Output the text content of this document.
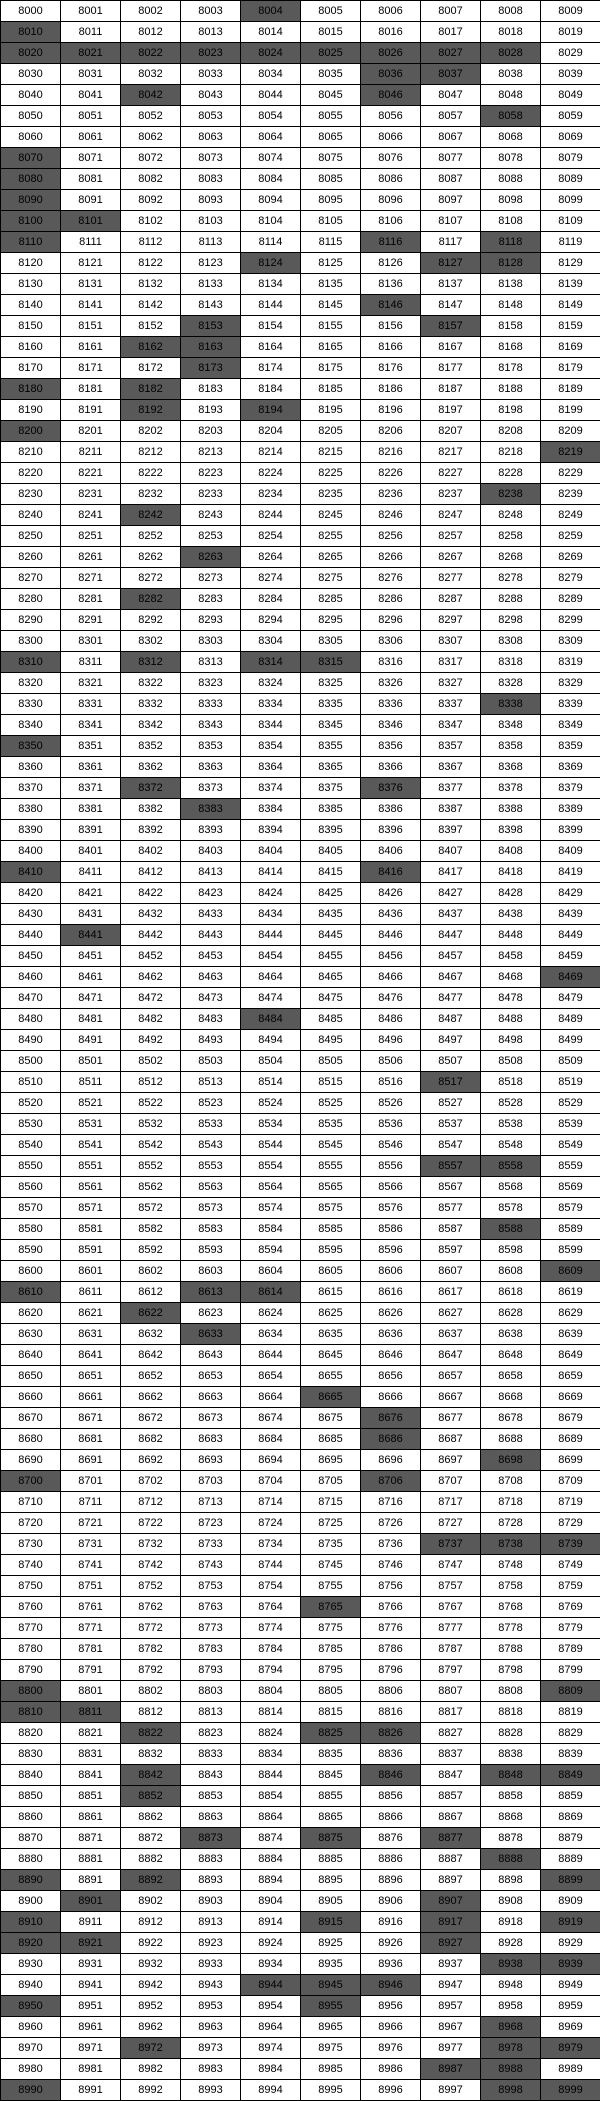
8000	8001	8002	8003	8004	8005	8006	8007	8008	8009
8010	8011	8012	8013	8014	8015	8016	8017	8018	8019
8020	8021	8022	8023	8024	8025	8026	8027	8028	8029
8030	8031	8032	8033	8034	8035	8036	8037	8038	8039
8040	8041	8042	8043	8044	8045	8046	8047	8048	8049
8050	8051	8052	8053	8054	8055	8056	8057	8058	8059
8060	8061	8062	8063	8064	8065	8066	8067	8068	8069
8070	8071	8072	8073	8074	8075	8076	8077	8078	8079
8080	8081	8082	8083	8084	8085	8086	8087	8088	8089
8090	8091	8092	8093	8094	8095	8096	8097	8098	8099
8100	8101	8102	8103	8104	8105	8106	8107	8108	8109
8110	8111	8112	8113	8114	8115	8116	8117	8118	8119
8120	8121	8122	8123	8124	8125	8126	8127	8128	8129
8130	8131	8132	8133	8134	8135	8136	8137	8138	8139
8140	8141	8142	8143	8144	8145	8146	8147	8148	8149
8150	8151	8152	8153	8154	8155	8156	8157	8158	8159
8160	8161	8162	8163	8164	8165	8166	8167	8168	8169
8170	8171	8172	8173	8174	8175	8176	8177	8178	8179
8180	8181	8182	8183	8184	8185	8186	8187	8188	8189
8190	8191	8192	8193	8194	8195	8196	8197	8198	8199
8200	8201	8202	8203	8204	8205	8206	8207	8208	8209
8210	8211	8212	8213	8214	8215	8216	8217	8218	8219
8220	8221	8222	8223	8224	8225	8226	8227	8228	8229
8230	8231	8232	8233	8234	8235	8236	8237	8238	8239
8240	8241	8242	8243	8244	8245	8246	8247	8248	8249
8250	8251	8252	8253	8254	8255	8256	8257	8258	8259
8260	8261	8262	8263	8264	8265	8266	8267	8268	8269
8270	8271	8272	8273	8274	8275	8276	8277	8278	8279
8280	8281	8282	8283	8284	8285	8286	8287	8288	8289
8290	8291	8292	8293	8294	8295	8296	8297	8298	8299
8300	8301	8302	8303	8304	8305	8306	8307	8308	8309
8310	8311	8312	8313	8314	8315	8316	8317	8318	8319
8320	8321	8322	8323	8324	8325	8326	8327	8328	8329
8330	8331	8332	8333	8334	8335	8336	8337	8338	8339
8340	8341	8342	8343	8344	8345	8346	8347	8348	8349
8350	8351	8352	8353	8354	8355	8356	8357	8358	8359
8360	8361	8362	8363	8364	8365	8366	8367	8368	8369
8370	8371	8372	8373	8374	8375	8376	8377	8378	8379
8380	8381	8382	8383	8384	8385	8386	8387	8388	8389
8390	8391	8392	8393	8394	8395	8396	8397	8398	8399
8400	8401	8402	8403	8404	8405	8406	8407	8408	8409
8410	8411	8412	8413	8414	8415	8416	8417	8418	8419
8420	8421	8422	8423	8424	8425	8426	8427	8428	8429
8430	8431	8432	8433	8434	8435	8436	8437	8438	8439
8440	8441	8442	8443	8444	8445	8446	8447	8448	8449
8450	8451	8452	8453	8454	8455	8456	8457	8458	8459
8460	8461	8462	8463	8464	8465	8466	8467	8468	8469
8470	8471	8472	8473	8474	8475	8476	8477	8478	8479
8480	8481	8482	8483	8484	8485	8486	8487	8488	8489
8490	8491	8492	8493	8494	8495	8496	8497	8498	8499
8500	8501	8502	8503	8504	8505	8506	8507	8508	8509
8510	8511	8512	8513	8514	8515	8516	8517	8518	8519
8520	8521	8522	8523	8524	8525	8526	8527	8528	8529
8530	8531	8532	8533	8534	8535	8536	8537	8538	8539
8540	8541	8542	8543	8544	8545	8546	8547	8548	8549
8550	8551	8552	8553	8554	8555	8556	8557	8558	8559
8560	8561	8562	8563	8564	8565	8566	8567	8568	8569
8570	8571	8572	8573	8574	8575	8576	8577	8578	8579
8580	8581	8582	8583	8584	8585	8586	8587	8588	8589
8590	8591	8592	8593	8594	8595	8596	8597	8598	8599
8600	8601	8602	8603	8604	8605	8606	8607	8608	8609
8610	8611	8612	8613	8614	8615	8616	8617	8618	8619
8620	8621	8622	8623	8624	8625	8626	8627	8628	8629
8630	8631	8632	8633	8634	8635	8636	8637	8638	8639
8640	8641	8642	8643	8644	8645	8646	8647	8648	8649
8650	8651	8652	8653	8654	8655	8656	8657	8658	8659
8660	8661	8662	8663	8664	8665	8666	8667	8668	8669
8670	8671	8672	8673	8674	8675	8676	8677	8678	8679
8680	8681	8682	8683	8684	8685	8686	8687	8688	8689
8690	8691	8692	8693	8694	8695	8696	8697	8698	8699
8700	8701	8702	8703	8704	8705	8706	8707	8708	8709
8710	8711	8712	8713	8714	8715	8716	8717	8718	8719
8720	8721	8722	8723	8724	8725	8726	8727	8728	8729
8730	8731	8732	8733	8734	8735	8736	8737	8738	8739
8740	8741	8742	8743	8744	8745	8746	8747	8748	8749
8750	8751	8752	8753	8754	8755	8756	8757	8758	8759
8760	8761	8762	8763	8764	8765	8766	8767	8768	8769
8770	8771	8772	8773	8774	8775	8776	8777	8778	8779
8780	8781	8782	8783	8784	8785	8786	8787	8788	8789
8790	8791	8792	8793	8794	8795	8796	8797	8798	8799
8800	8801	8802	8803	8804	8805	8806	8807	8808	8809
8810	8811	8812	8813	8814	8815	8816	8817	8818	8819
8820	8821	8822	8823	8824	8825	8826	8827	8828	8829
8830	8831	8832	8833	8834	8835	8836	8837	8838	8839
8840	8841	8842	8843	8844	8845	8846	8847	8848	8849
8850	8851	8852	8853	8854	8855	8856	8857	8858	8859
8860	8861	8862	8863	8864	8865	8866	8867	8868	8869
8870	8871	8872	8873	8874	8875	8876	8877	8878	8879
8880	8881	8882	8883	8884	8885	8886	8887	8888	8889
8890	8891	8892	8893	8894	8895	8896	8897	8898	8899
8900	8901	8902	8903	8904	8905	8906	8907	8908	8909
8910	8911	8912	8913	8914	8915	8916	8917	8918	8919
8920	8921	8922	8923	8924	8925	8926	8927	8928	8929
8930	8931	8932	8933	8934	8935	8936	8937	8938	8939
8940	8941	8942	8943	8944	8945	8946	8947	8948	8949
8950	8951	8952	8953	8954	8955	8956	8957	8958	8959
8960	8961	8962	8963	8964	8965	8966	8967	8968	8969
8970	8971	8972	8973	8974	8975	8976	8977	8978	8979
8980	8981	8982	8983	8984	8985	8986	8987	8988	8989
8990	8991	8992	8993	8994	8995	8996	8997	8998	8999
